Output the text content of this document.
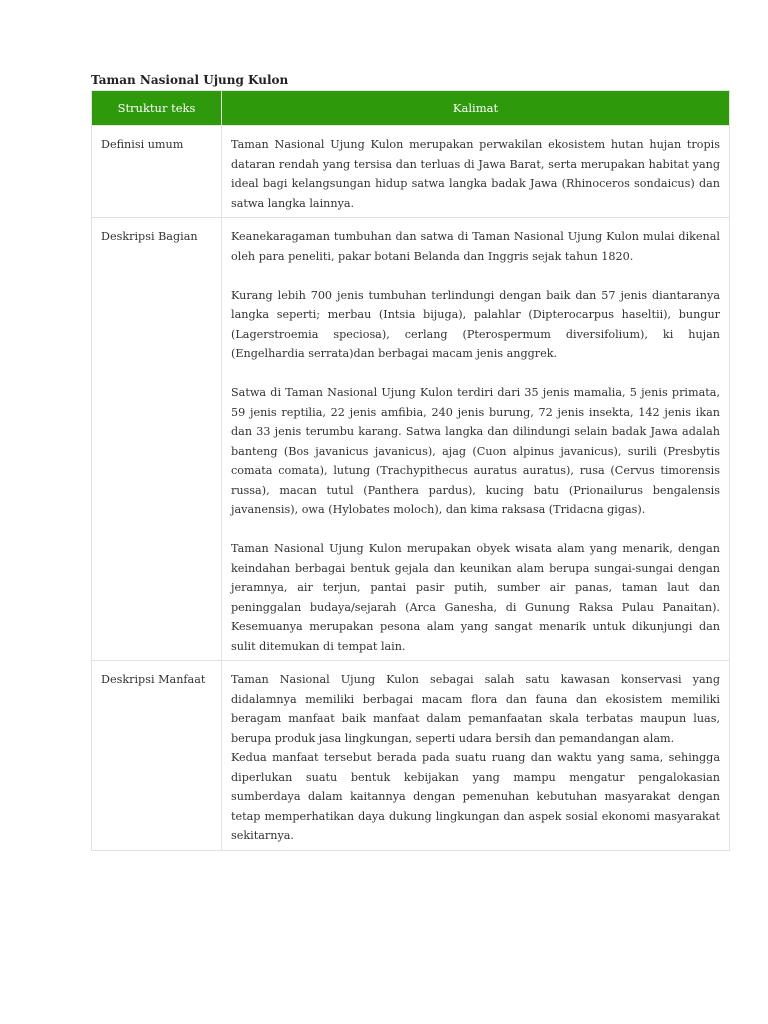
Taman Nasional Ujung Kulon
Struktur teks	Kalimat
Definisi umum	Taman Nasional Ujung Kulon merupakan perwakilan ekosistem hutan hujan tropis dataran rendah yang tersisa dan terluas di Jawa Barat, serta merupakan habitat yang ideal bagi kelangsungan hidup satwa langka badak Jawa (Rhinoceros sondaicus) dan satwa langka lainnya.

Deskripsi Bagian	Keanekaragaman tumbuhan dan satwa di Taman Nasional Ujung Kulon mulai dikenal oleh para peneliti, pakar botani Belanda dan Inggris sejak tahun 1820.

Kurang lebih 700 jenis tumbuhan terlindungi dengan baik dan 57 jenis diantaranya langka seperti; merbau (Intsia bijuga), palahlar (Dipterocarpus haseltii), bungur (Lagerstroemia speciosa), cerlang (Pterospermum diversifolium), ki hujan (Engelhardia serrata)dan berbagai macam jenis anggrek.

Satwa di Taman Nasional Ujung Kulon terdiri dari 35 jenis mamalia, 5 jenis primata, 59 jenis reptilia, 22 jenis amfibia, 240 jenis burung, 72 jenis insekta, 142 jenis ikan dan 33 jenis terumbu karang. Satwa langka dan dilindungi selain badak Jawa adalah banteng (Bos javanicus javanicus), ajag (Cuon alpinus javanicus), surili (Presbytis comata comata), lutung (Trachypithecus auratus auratus), rusa (Cervus timorensis russa), macan tutul (Panthera pardus), kucing batu (Prionailurus bengalensis javanensis), owa (Hylobates moloch), dan kima raksasa (Tridacna gigas).

Taman Nasional Ujung Kulon merupakan obyek wisata alam yang menarik, dengan keindahan berbagai bentuk gejala dan keunikan alam berupa sungai-sungai dengan jeramnya, air terjun, pantai pasir putih, sumber air panas, taman laut dan peninggalan budaya/sejarah (Arca Ganesha, di Gunung Raksa Pulau Panaitan). Kesemuanya merupakan pesona alam yang sangat menarik untuk dikunjungi dan sulit ditemukan di tempat lain.

Deskripsi Manfaat	Taman Nasional Ujung Kulon sebagai salah satu kawasan konservasi yang didalamnya memiliki berbagai macam flora dan fauna dan ekosistem memiliki beragam manfaat baik manfaat dalam pemanfaatan skala terbatas maupun luas, berupa produk jasa lingkungan, seperti udara bersih dan pemandangan alam.

Kedua manfaat tersebut berada pada suatu ruang dan waktu yang sama, sehingga diperlukan suatu bentuk kebijakan yang mampu mengatur pengalokasian sumberdaya dalam kaitannya dengan pemenuhan kebutuhan masyarakat dengan tetap memperhatikan daya dukung lingkungan dan aspek sosial ekonomi masyarakat sekitarnya.
